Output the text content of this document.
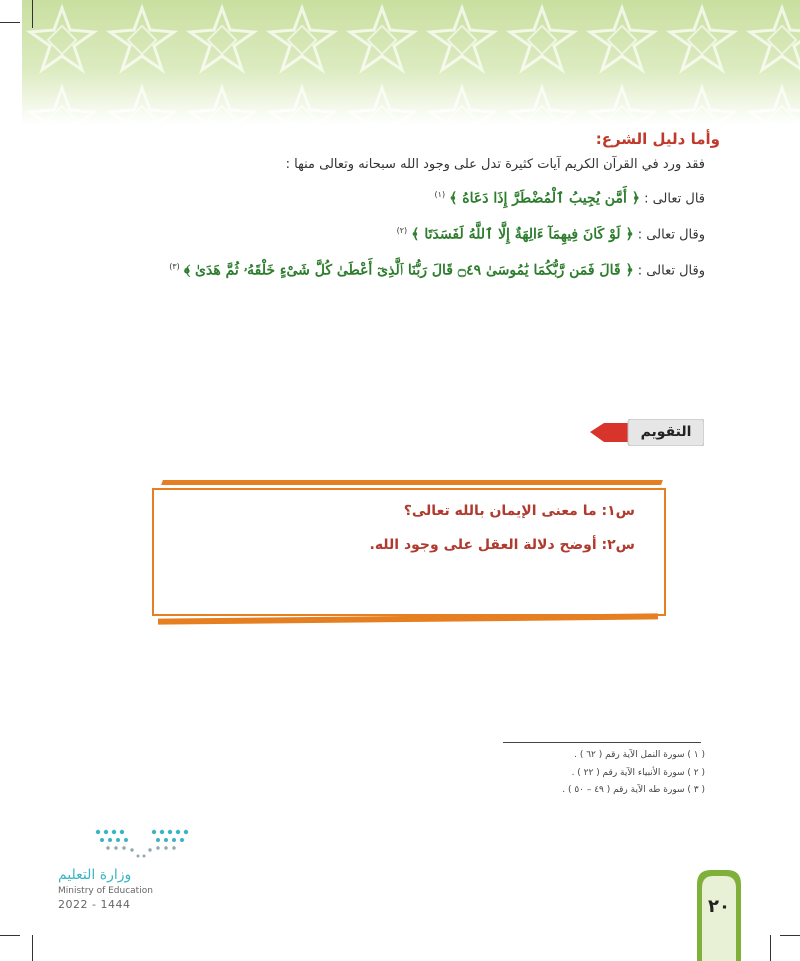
وأما دليل الشرع:
فقد ورد في القرآن الكريم آيات كثيرة تدل على وجود الله سبحانه وتعالى منها :
قال تعالى : ﴿ أَمَّن يُجِيبُ ٱلْمُضْطَرَّ إِذَا دَعَاهُ ﴾ $^{(١)}$
وقال تعالى : ﴿ لَوْ كَانَ فِيهِمَآ ءَالِهَةٌ إِلَّا ٱللَّهُ لَفَسَدَتَا ﴾ $^{(٢)}$
وقال تعالى : ﴿ قَالَ فَمَن رَّبُّكُمَا يَٰمُوسَىٰ ۝٤٩ قَالَ رَبُّنَا ٱلَّذِىٓ أَعْطَىٰ كُلَّ شَىْءٍ خَلْقَهُۥ ثُمَّ هَدَىٰ ﴾ $^{(٣)}$
التقويم
س١: ما معنى الإيمان بالله تعالى؟
س٢: أوضح دلالة العقل على وجود الله.
( ١ ) سورة النمل الآية رقم ( ٦٢ ) .
( ٢ ) سورة الأنبياء الآية رقم ( ٢٢ ) .
( ٣ ) سورة طه الآية رقم ( ٤٩ – ٥٠ ) .
وزارة التعليم
Ministry of Education
2022 - 1444	٢٠
